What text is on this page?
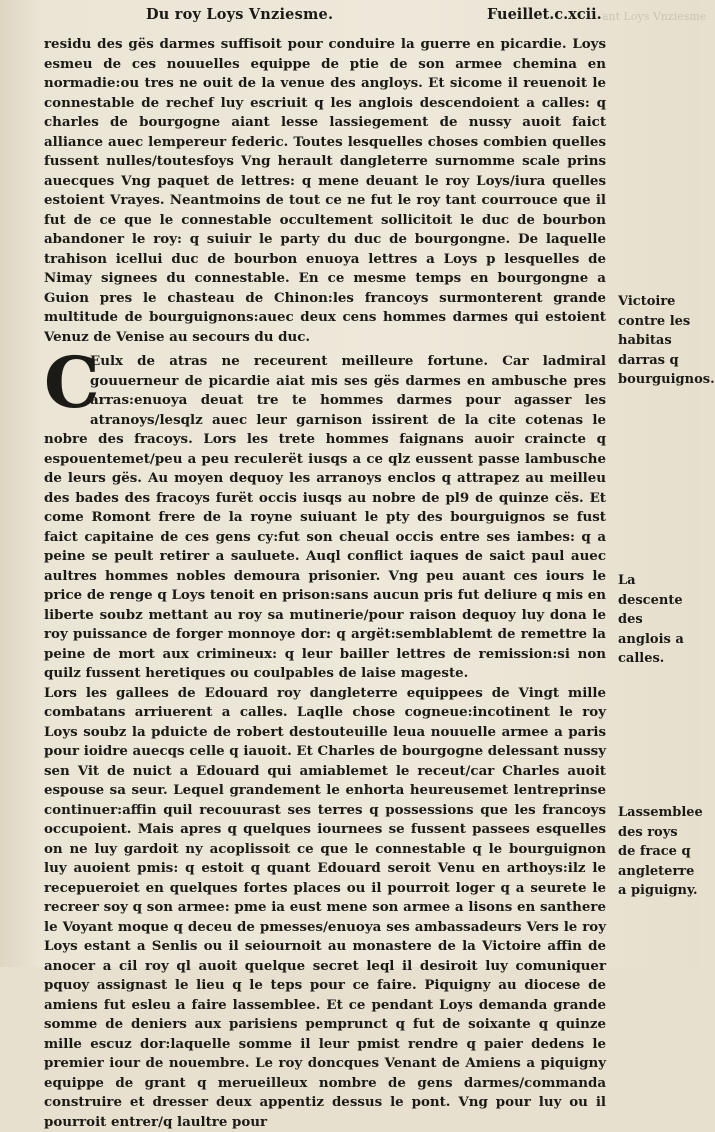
ant Loys Vnziesme
Du roy Loys Vnziesme.	Fueillet.c.xcii.

residu des gës darmes suffisoit pour conduire la guerre en picardie. Loys esmeu de ces nouuelles equippe de ptie de son armee chemina en normadie:ou tres ne ouit de la venue des angloys. Et sicome il reuenoit le connestable de rechef luy escriuit q les anglois descendoient a calles: q charles de bourgogne aiant lesse lassiegement de nussy auoit faict alliance auec lempereur federic. Toutes lesquelles choses combien quelles fussent nulles/toutesfoys Vng herault dangleterre surnomme scale prins auecques Vng paquet de lettres: q mene deuant le roy Loys/iura quelles estoient Vrayes. Neantmoins de tout ce ne fut le roy tant courrouce que il fut de ce que le connestable occultement sollicitoit le duc de bourbon abandoner le roy: q suiuir le party du duc de bourgongne. De laquelle trahison icellui duc de bourbon enuoya lettres a Loys p lesquelles de Nimay signees du connestable. En ce mesme temps en bourgongne a Guion pres le chasteau de Chinon:les francoys surmonterent grande multitude de bourguignons:auec deux cens hommes darmes qui estoient Venuz de Venise au secours du duc.

C
Eulx de atras ne receurent meilleure fortune. Car ladmiral gouuerneur de picardie aiat mis ses gës darmes en ambusche pres arras:enuoya deuat tre te hommes darmes pour agasser les atranoys/lesqlz auec leur garnison issirent de la cite cotenas le nobre des fracoys. Lors les trete hommes faignans auoir craincte q espouentemet/peu a peu reculerët iusqs a ce qlz eussent passe lambusche de leurs gës. Au moyen dequoy les arranoys enclos q attrapez au meilleu des bades des fracoys furët occis iusqs au nobre de pl9 de quinze cës. Et come Romont frere de la royne suiuant le pty des bourguignos se fust faict capitaine de ces gens cy:fut son cheual occis entre ses iambes: q a peine se peult retirer a sauluete. Auql conflict iaques de saict paul auec aultres hommes nobles demoura prisonier. Vng peu auant ces iours le price de renge q Loys tenoit en prison:sans aucun pris fut deliure q mis en liberte soubz mettant au roy sa mutinerie/pour raison dequoy luy dona le roy puissance de forger monnoye dor: q argët:semblablemt de remettre la peine de mort aux crimineux: q leur bailler lettres de remission:si non quilz fussent heretiques ou coulpables de laise mageste.

Lors les gallees de Edouard roy dangleterre equippees de Vingt mille combatans arriuerent a calles. Laqlle chose cogneue:incotinent le roy Loys soubz la pduicte de robert destouteuille leua nouuelle armee a paris pour ioidre auecqs celle q iauoit. Et Charles de bourgogne delessant nussy sen Vit de nuict a Edouard qui amiablemet le receut/car Charles auoit espouse sa seur. Lequel grandement le enhorta heureusemet lentreprinse continuer:affin quil recouurast ses terres q possessions que les francoys occupoient. Mais apres q quelques iournees se fussent passees esquelles on ne luy gardoit ny acoplissoit ce que le connestable q le bourguignon luy auoient pmis: q estoit q quant Edouard seroit Venu en arthoys:ilz le recepueroiet en quelques fortes places ou il pourroit loger q a seurete le recreer soy q son armee: pme ia eust mene son armee a lisons en santhere le Voyant moque q deceu de pmesses/enuoya ses ambassadeurs Vers le roy Loys estant a Senlis ou il seiournoit au monastere de la Victoire affin de anocer a cil roy ql auoit quelque secret leql il desiroit luy comuniquer pquoy assignast le lieu q le teps pour ce faire. Piquigny au diocese de amiens fut esleu a faire lassemblee. Et ce pendant Loys demanda grande somme de deniers aux parisiens pemprunct q fut de soixante q quinze mille escuz dor:laquelle somme il leur pmist rendre q paier dedens le premier iour de nouembre. Le roy doncques Venant de Amiens a piquigny equippe de grant q merueilleux nombre de gens darmes/commanda construire et dresser deux appentiz dessus le pont. Vng pour luy ou il pourroit entrer/q laultre pour

Victoire contre les habitas darras q bourguignos.
La descente des anglois a calles.
Lassemblee des roys de frace q angleterre a piguigny.
